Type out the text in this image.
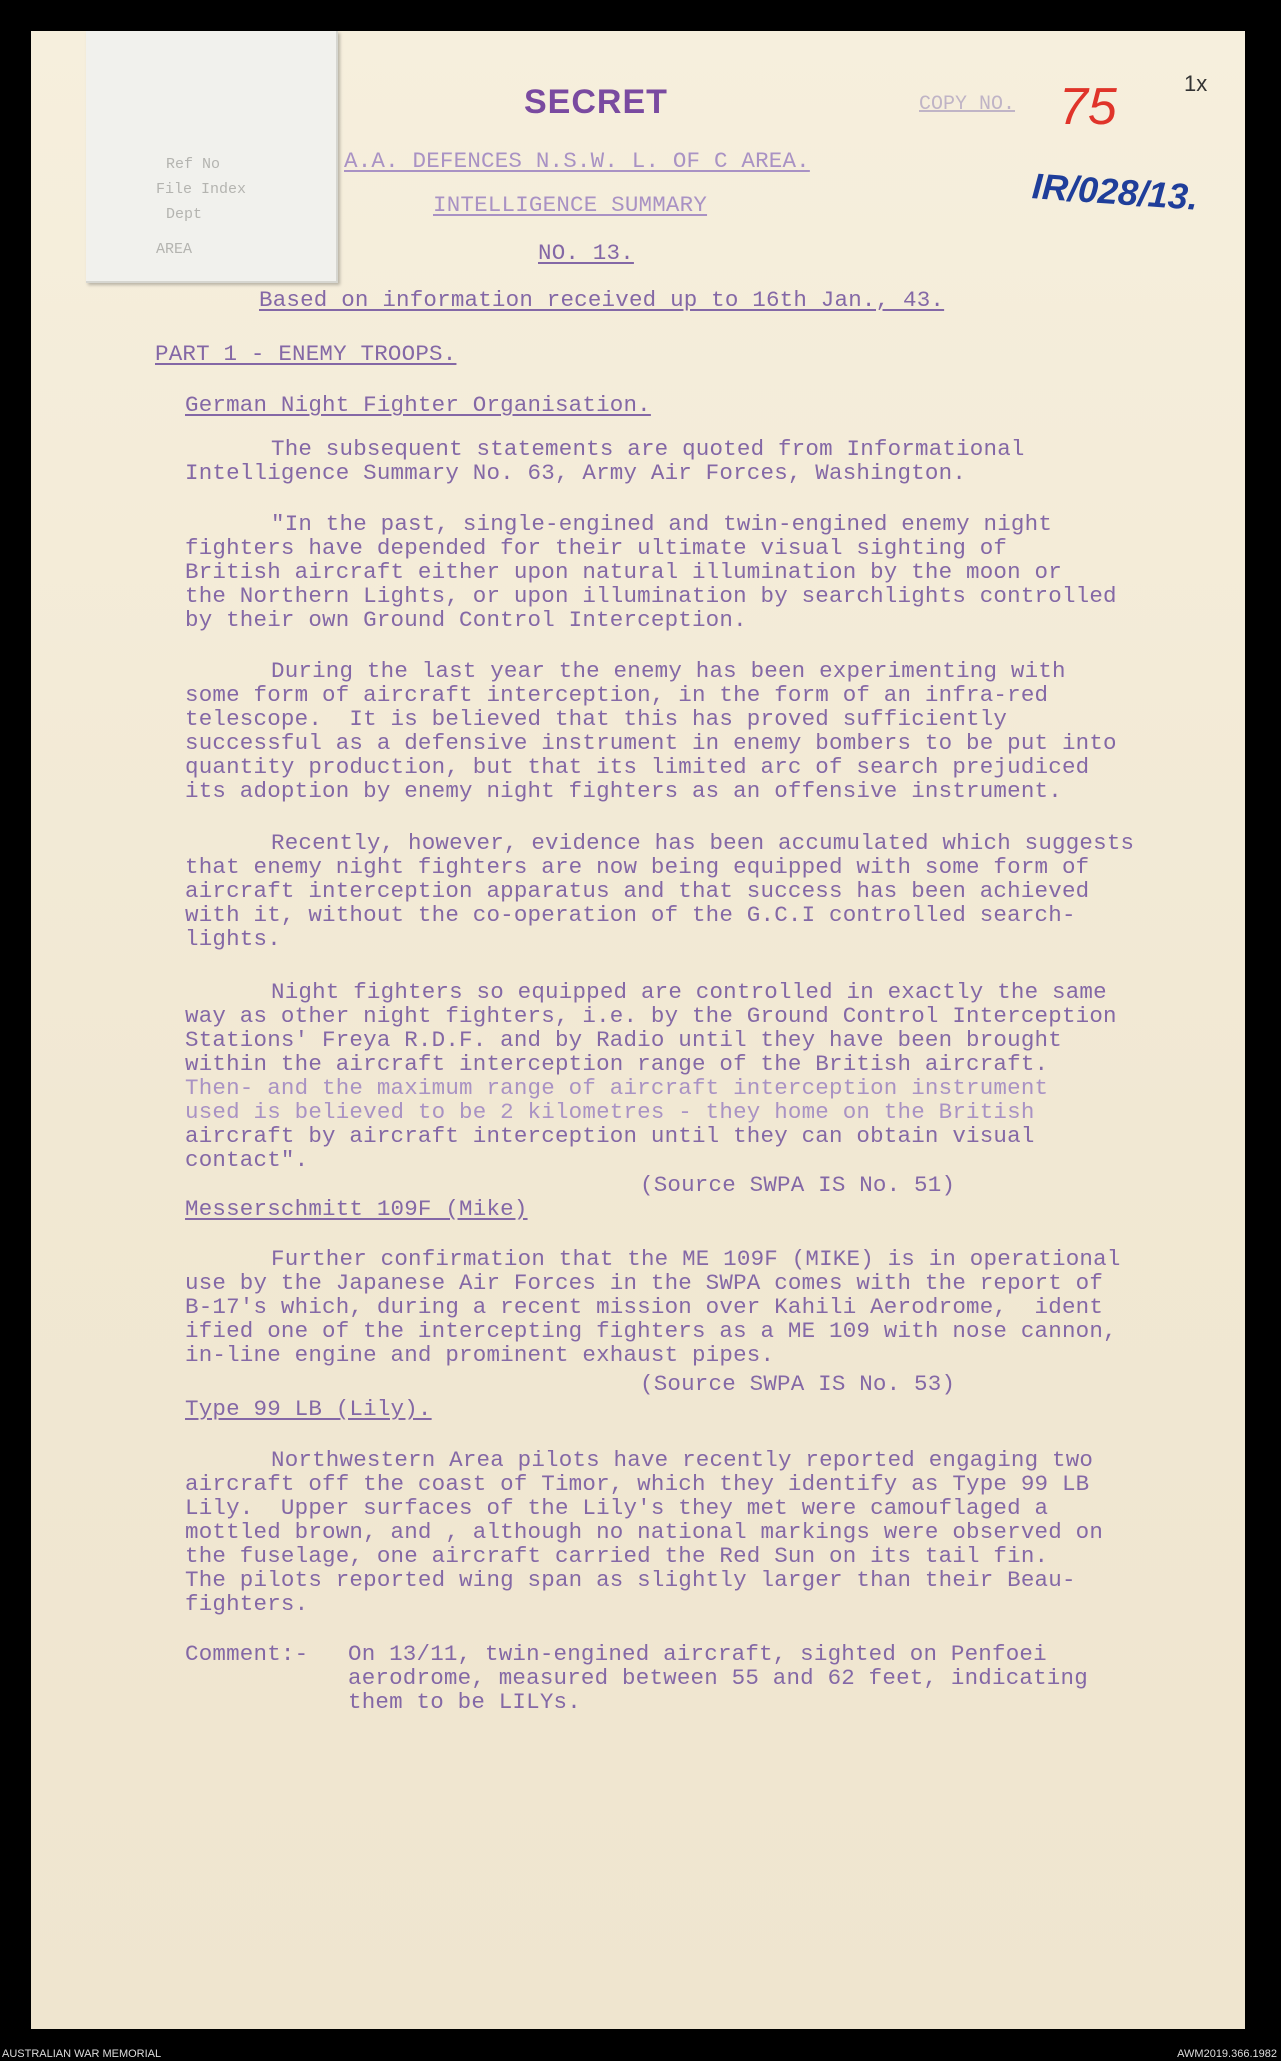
Ref No
File Index
Dept
AREA
SECRET	COPY NO. 75	1x
IR/028/13.
A.A. DEFENCES N.S.W. L. OF C AREA.
INTELLIGENCE SUMMARY
NO. 13.
Based on information received up to 16th Jan., 43.
PART 1 - ENEMY TROOPS.
German Night Fighter Organisation.
The subsequent statements are quoted from Informational
Intelligence Summary No. 63, Army Air Forces, Washington.
"In the past, single-engined and twin-engined enemy night
fighters have depended for their ultimate visual sighting of
British aircraft either upon natural illumination by the moon or
the Northern Lights, or upon illumination by searchlights controlled
by their own Ground Control Interception.
During the last year the enemy has been experimenting with
some form of aircraft interception, in the form of an infra-red
telescope.  It is believed that this has proved sufficiently
successful as a defensive instrument in enemy bombers to be put into
quantity production, but that its limited arc of search prejudiced
its adoption by enemy night fighters as an offensive instrument.
Recently, however, evidence has been accumulated which suggests
that enemy night fighters are now being equipped with some form of
aircraft interception apparatus and that success has been achieved
with it, without the co-operation of the G.C.I controlled search-
lights.
Night fighters so equipped are controlled in exactly the same
way as other night fighters, i.e. by the Ground Control Interception
Stations' Freya R.D.F. and by Radio until they have been brought
within the aircraft interception range of the British aircraft.
Then- and the maximum range of aircraft interception instrument
used is believed to be 2 kilometres - they home on the British
aircraft by aircraft interception until they can obtain visual
contact".
(Source SWPA IS No. 51)
Messerschmitt 109F (Mike)
Further confirmation that the ME 109F (MIKE) is in operational
use by the Japanese Air Forces in the SWPA comes with the report of
B-17's which, during a recent mission over Kahili Aerodrome,  ident
ified one of the intercepting fighters as a ME 109 with nose cannon,
in-line engine and prominent exhaust pipes.
(Source SWPA IS No. 53)
Type 99 LB (Lily).
Northwestern Area pilots have recently reported engaging two
aircraft off the coast of Timor, which they identify as Type 99 LB
Lily.  Upper surfaces of the Lily's they met were camouflaged a
mottled brown, and , although no national markings were observed on
the fuselage, one aircraft carried the Red Sun on its tail fin.
The pilots reported wing span as slightly larger than their Beau-
fighters.
Comment:- On 13/11, twin-engined aircraft, sighted on Penfoei
aerodrome, measured between 55 and 62 feet, indicating
them to be LILYs.
AUSTRALIAN WAR MEMORIAL	AWM2019.366.1982
